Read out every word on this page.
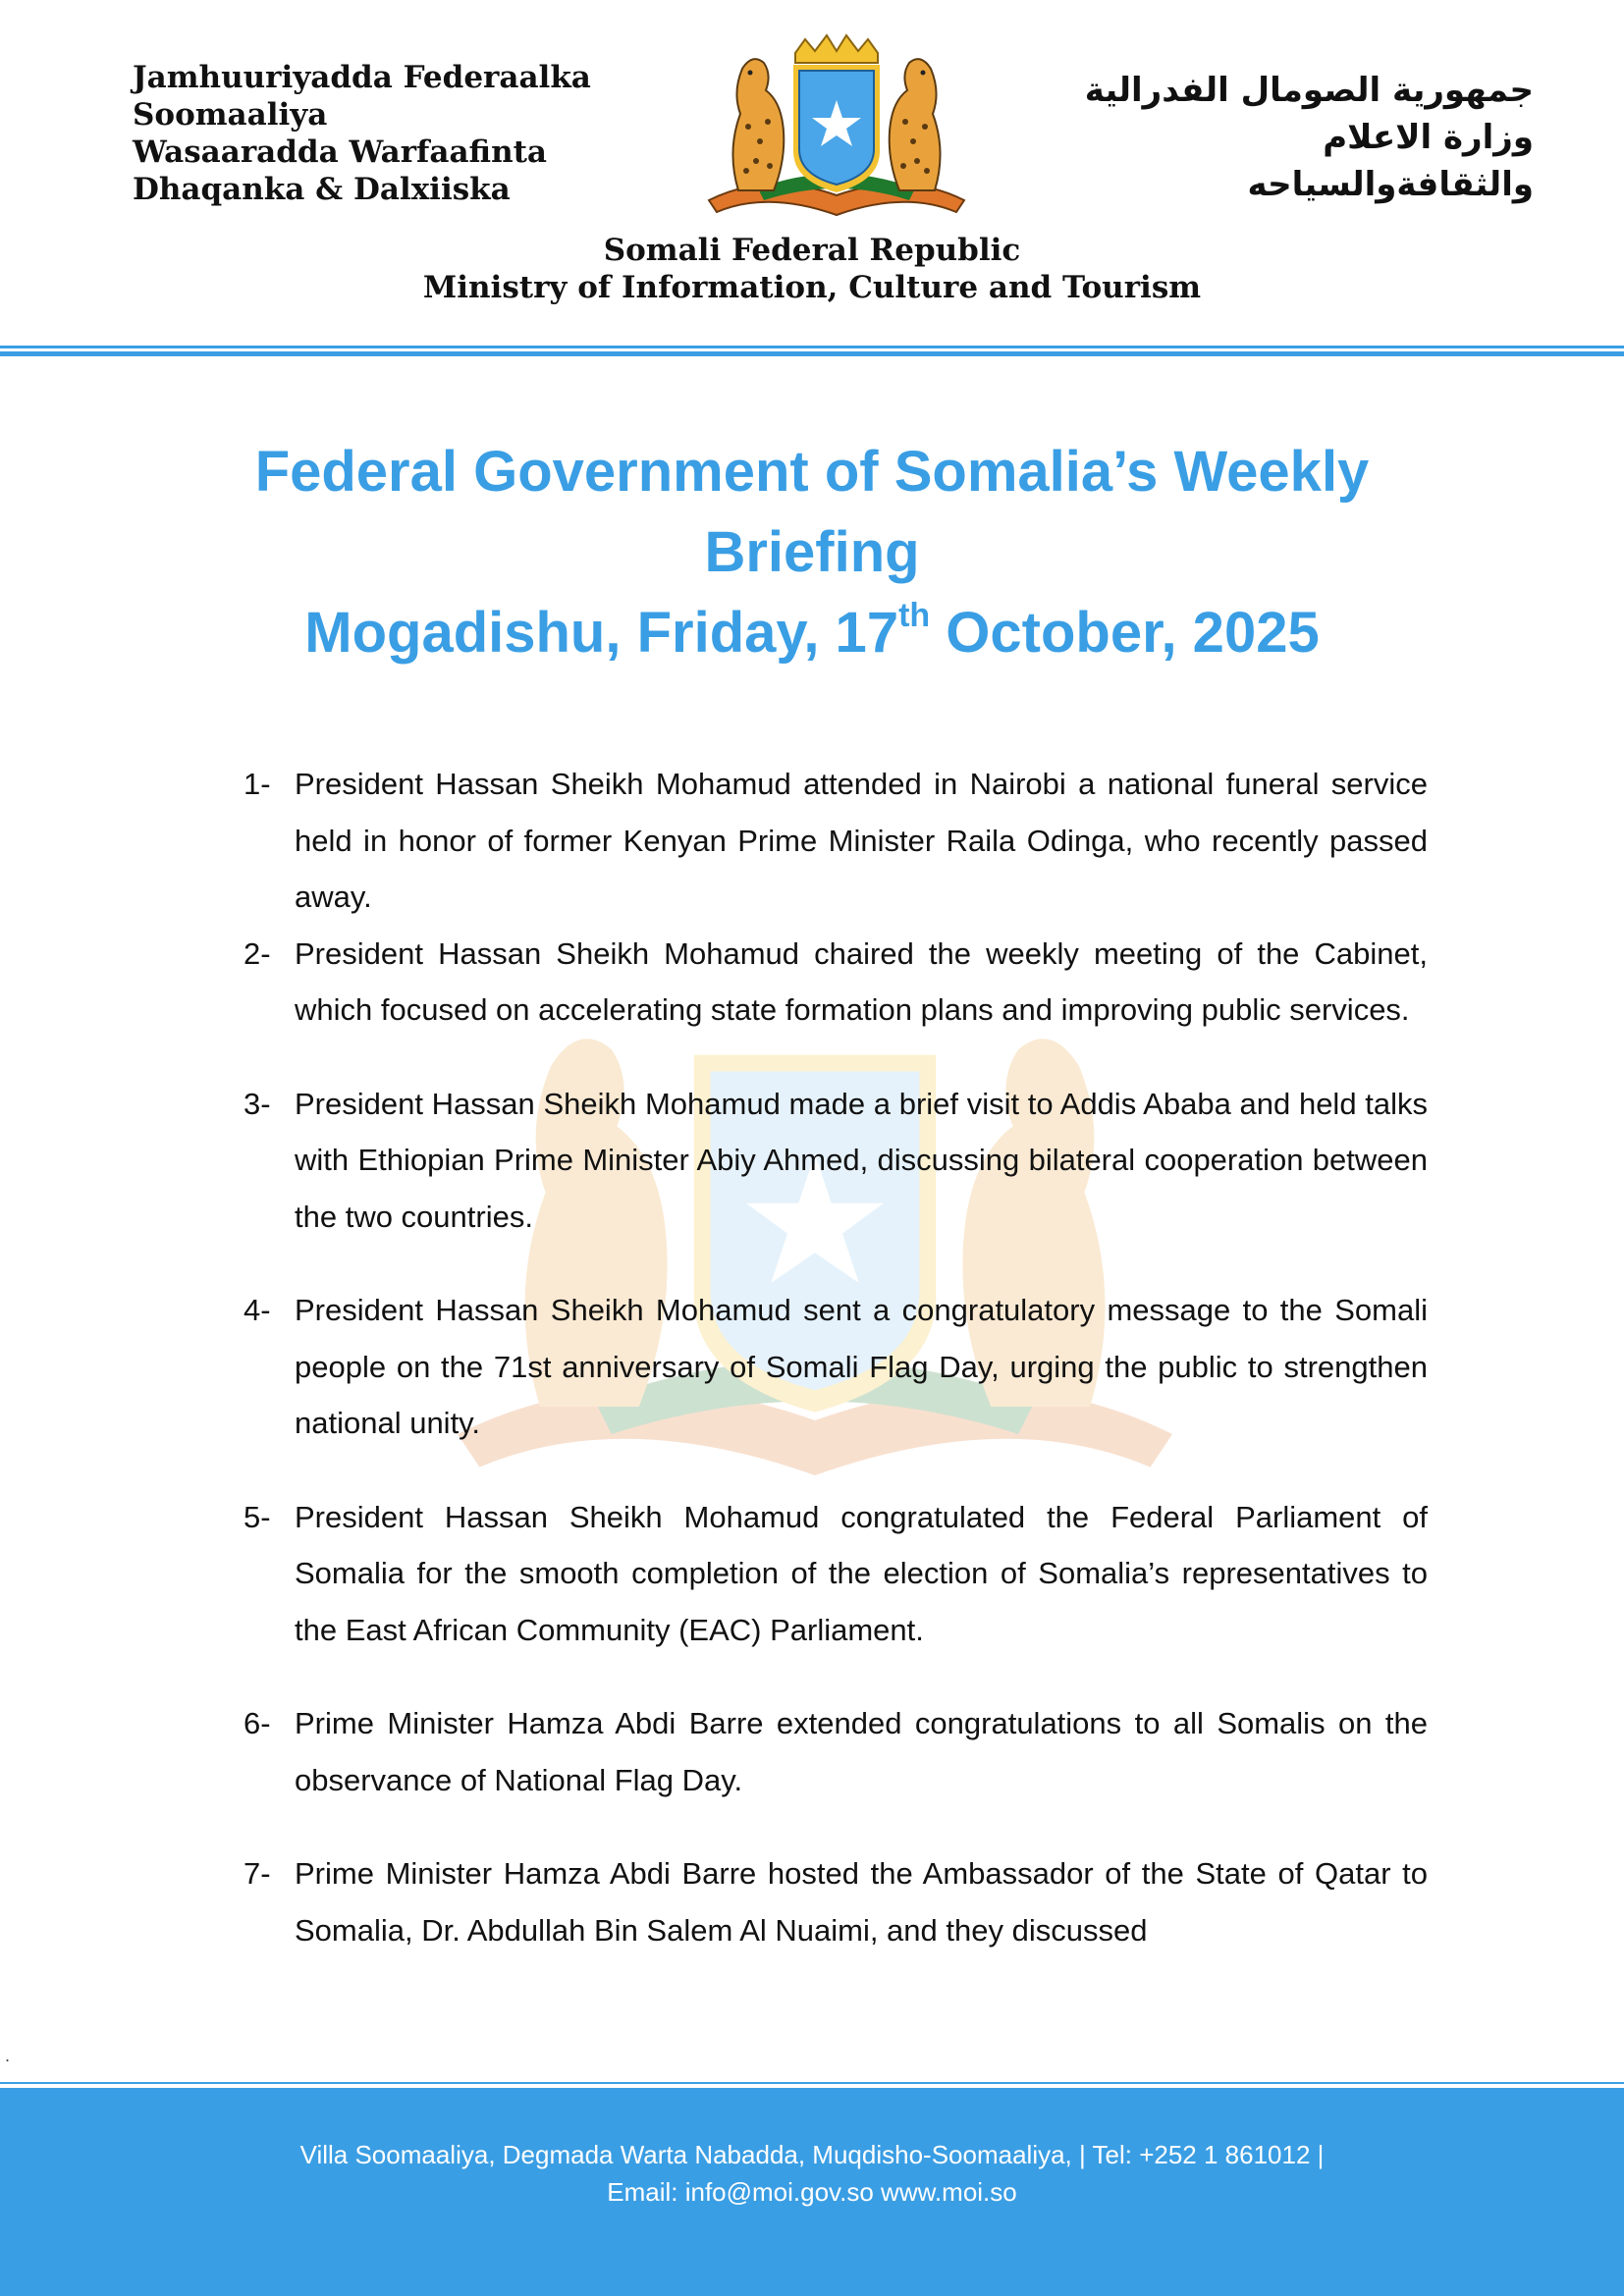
Jamhuuriyadda Federaalka
Soomaaliya
Wasaaradda Warfaafinta
Dhaqanka & Dalxiiska
جمهورية الصومال الفدرالية
وزارة الاعلام
والثقافةوالسياحه
Somali Federal Republic
Ministry of Information, Culture and Tourism
Federal Government of Somalia’s Weekly
Briefing
Mogadishu, Friday, 17th October, 2025
1- President Hassan Sheikh Mohamud attended in Nairobi a national funeral service held in honor of former Kenyan Prime Minister Raila Odinga, who recently passed away.
2- President Hassan Sheikh Mohamud chaired the weekly meeting of the Cabinet, which focused on accelerating state formation plans and improving public services.
3- President Hassan Sheikh Mohamud made a brief visit to Addis Ababa and held talks with Ethiopian Prime Minister Abiy Ahmed, discussing bilateral cooperation between the two countries.
4- President Hassan Sheikh Mohamud sent a congratulatory message to the Somali people on the 71st anniversary of Somali Flag Day, urging the public to strengthen national unity.
5- President Hassan Sheikh Mohamud congratulated the Federal Parliament of Somalia for the smooth completion of the election of Somalia’s representatives to the East African Community (EAC) Parliament.
6- Prime Minister Hamza Abdi Barre extended congratulations to all Somalis on the observance of National Flag Day.
7- Prime Minister Hamza Abdi Barre hosted the Ambassador of the State of Qatar to Somalia, Dr. Abdullah Bin Salem Al Nuaimi, and they discussed
.
Villa Soomaaliya, Degmada Warta Nabadda, Muqdisho-Soomaaliya, | Tel: +252 1 861012 |
Email: info@moi.gov.so www.moi.so
